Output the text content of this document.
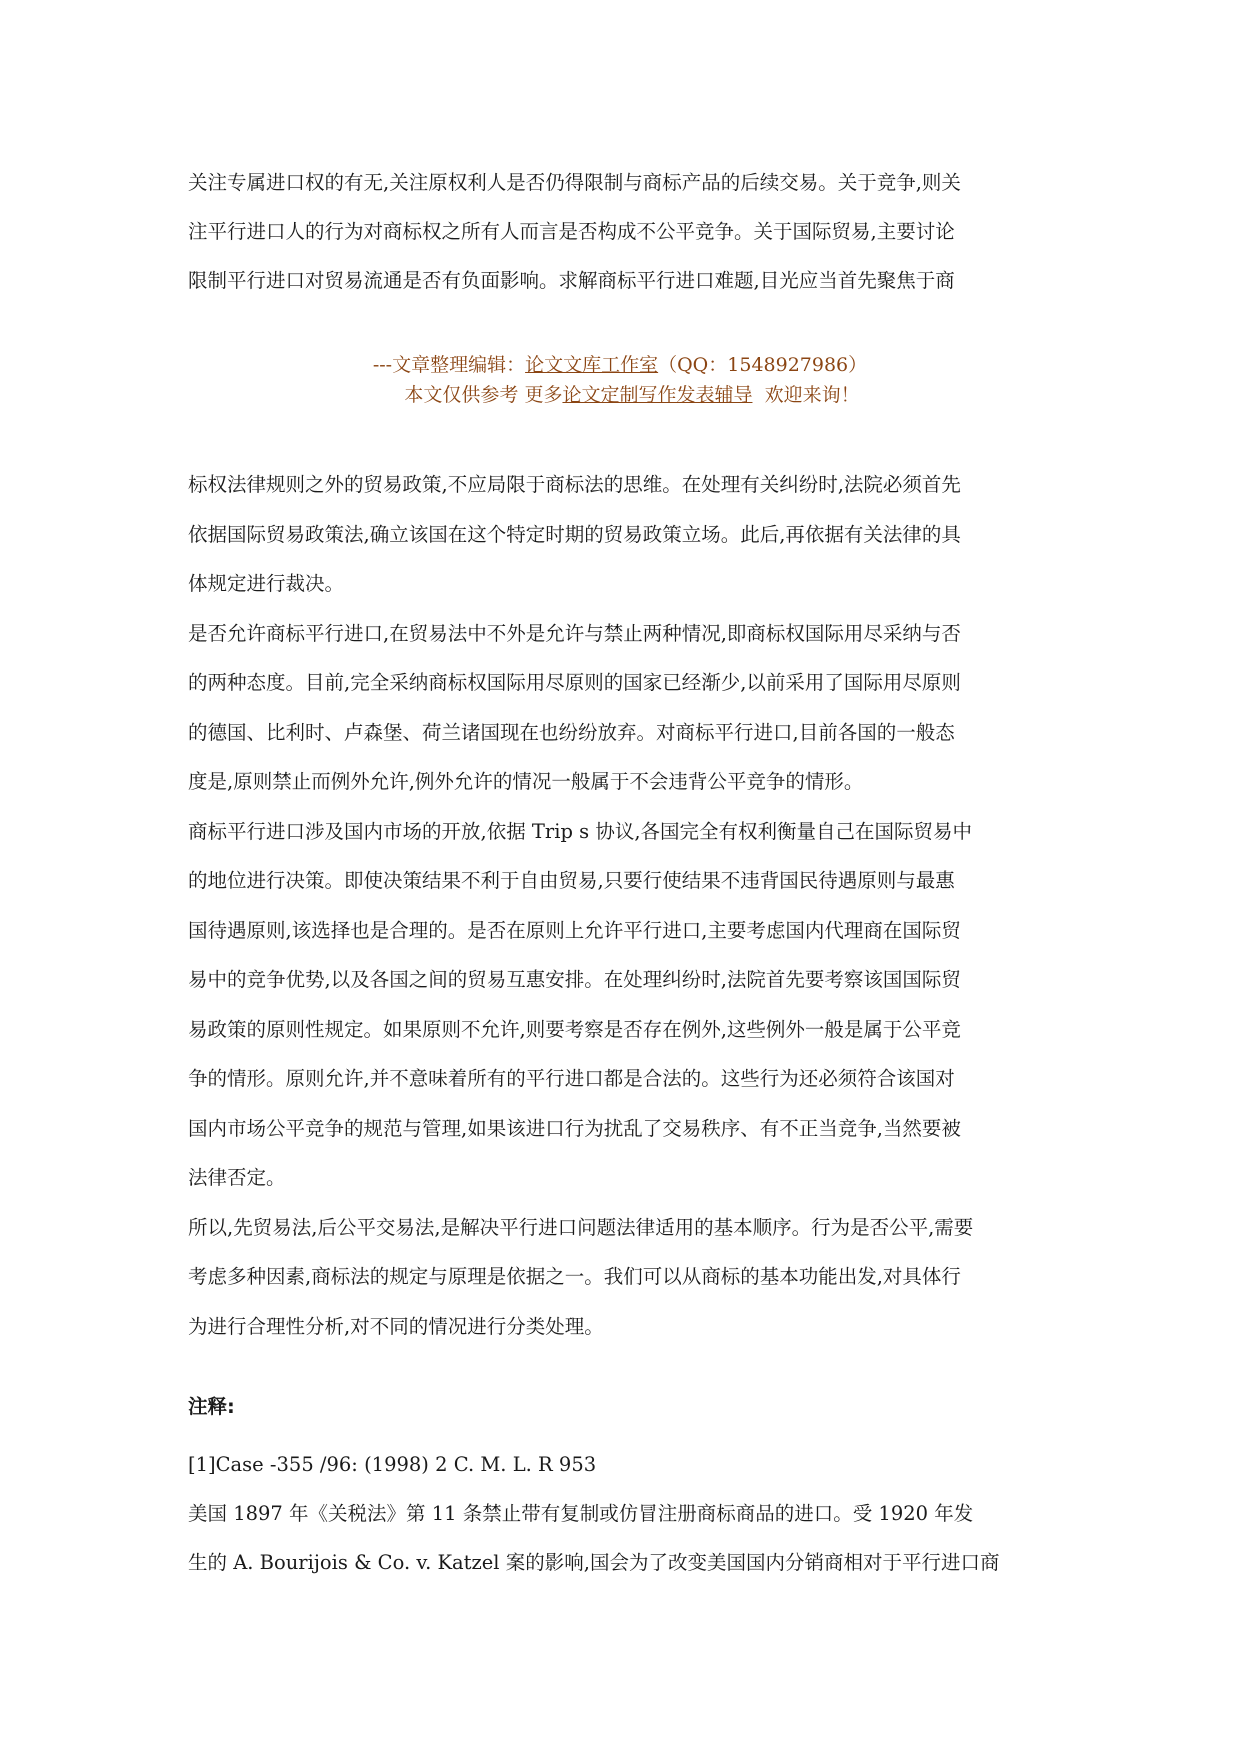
关注专属进口权的有无,关注原权利人是否仍得限制与商标产品的后续交易。关于竞争,则关

注平行进口人的行为对商标权之所有人而言是否构成不公平竞争。关于国际贸易,主要讨论

限制平行进口对贸易流通是否有负面影响。求解商标平行进口难题,目光应当首先聚焦于商

---文章整理编辑：论文文库工作室（QQ：1548927986）

本文仅供参考 更多论文定制写作发表辅导 欢迎来询！

标权法律规则之外的贸易政策,不应局限于商标法的思维。在处理有关纠纷时,法院必须首先

依据国际贸易政策法,确立该国在这个特定时期的贸易政策立场。此后,再依据有关法律的具

体规定进行裁决。

是否允许商标平行进口,在贸易法中不外是允许与禁止两种情况,即商标权国际用尽采纳与否

的两种态度。目前,完全采纳商标权国际用尽原则的国家已经渐少,以前采用了国际用尽原则

的德国、比利时、卢森堡、荷兰诸国现在也纷纷放弃。对商标平行进口,目前各国的一般态

度是,原则禁止而例外允许,例外允许的情况一般属于不会违背公平竞争的情形。

商标平行进口涉及国内市场的开放,依据 Trip s 协议,各国完全有权利衡量自己在国际贸易中

的地位进行决策。即使决策结果不利于自由贸易,只要行使结果不违背国民待遇原则与最惠

国待遇原则,该选择也是合理的。是否在原则上允许平行进口,主要考虑国内代理商在国际贸

易中的竞争优势,以及各国之间的贸易互惠安排。在处理纠纷时,法院首先要考察该国国际贸

易政策的原则性规定。如果原则不允许,则要考察是否存在例外,这些例外一般是属于公平竞

争的情形。原则允许,并不意味着所有的平行进口都是合法的。这些行为还必须符合该国对

国内市场公平竞争的规范与管理,如果该进口行为扰乱了交易秩序、有不正当竞争,当然要被

法律否定。

所以,先贸易法,后公平交易法,是解决平行进口问题法律适用的基本顺序。行为是否公平,需要

考虑多种因素,商标法的规定与原理是依据之一。我们可以从商标的基本功能出发,对具体行

为进行合理性分析,对不同的情况进行分类处理。

注释:

[1]Case -355 /96: (1998) 2 C. M. L. R 953

美国 1897 年《关税法》第 11 条禁止带有复制或仿冒注册商标商品的进口。受 1920 年发

生的 A. Bourijois & Co. v. Katzel 案的影响,国会为了改变美国国内分销商相对于平行进口商
